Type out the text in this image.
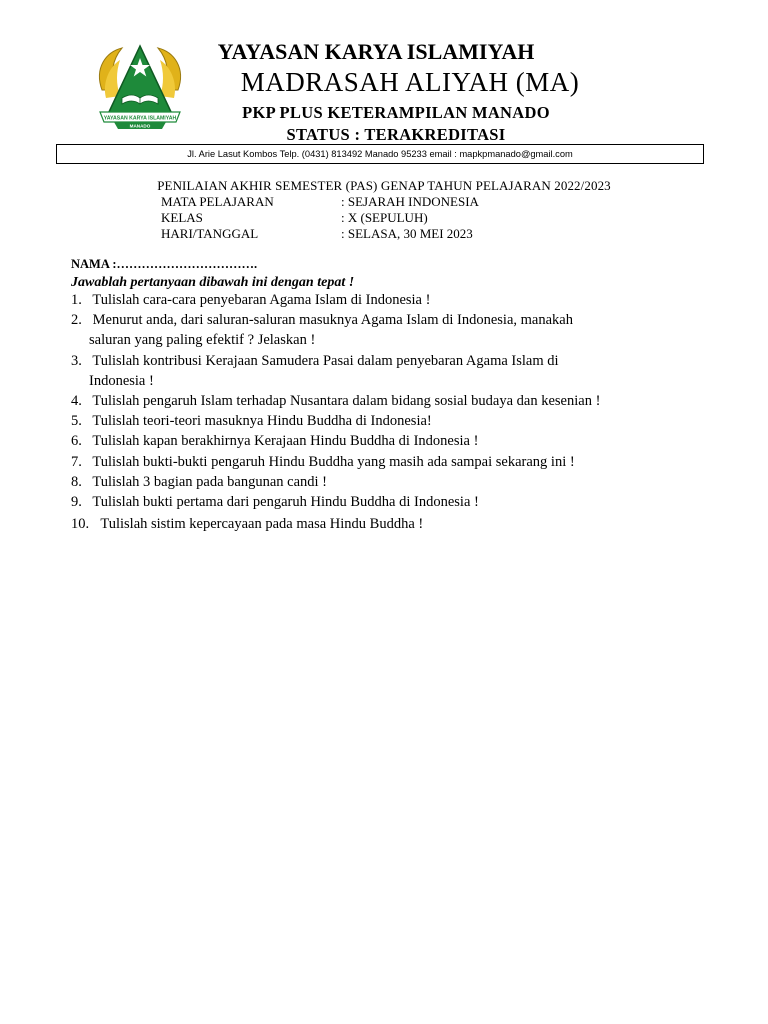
YAYASAN KARYA ISLAMIYAH
MANADO
YAYASAN KARYA ISLAMIYAH
MADRASAH ALIYAH (MA)
PKP PLUS KETERAMPILAN MANADO
STATUS : TERAKREDITASI
Jl. Arie Lasut Kombos Telp. (0431) 813492 Manado 95233 email : mapkpmanado@gmail.com
PENILAIAN AKHIR SEMESTER (PAS) GENAP TAHUN PELAJARAN 2022/2023
MATA PELAJARAN	: SEJARAH INDONESIA
KELAS	: X (SEPULUH)
HARI/TANGGAL	: SELASA, 30 MEI 2023
NAMA :…………………………….
Jawablah pertanyaan dibawah ini dengan tepat !
1. Tulislah cara-cara penyebaran Agama Islam di Indonesia !
2. Menurut anda, dari saluran-saluran masuknya Agama Islam di Indonesia, manakah
saluran yang paling efektif ? Jelaskan !
3. Tulislah kontribusi Kerajaan Samudera Pasai dalam penyebaran Agama Islam di
Indonesia !
4. Tulislah pengaruh Islam terhadap Nusantara dalam bidang sosial budaya dan kesenian !
5. Tulislah teori-teori masuknya Hindu Buddha di Indonesia!
6. Tulislah kapan berakhirnya Kerajaan Hindu Buddha di Indonesia !
7. Tulislah bukti-bukti pengaruh Hindu Buddha yang masih ada sampai sekarang ini !
8. Tulislah 3 bagian pada bangunan candi !
9. Tulislah bukti pertama dari pengaruh Hindu Buddha di Indonesia !
10. Tulislah sistim kepercayaan pada masa Hindu Buddha !
